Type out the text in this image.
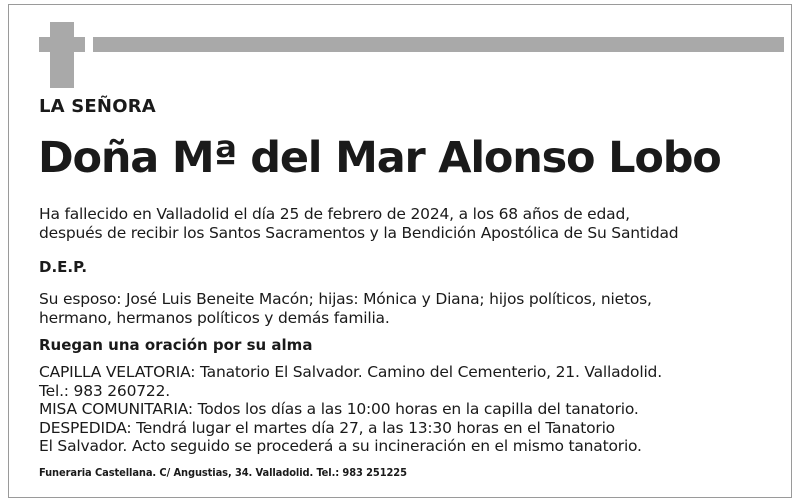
LA SEÑORA
Doña Mª del Mar Alonso Lobo
Ha fallecido en Valladolid el día 25 de febrero de 2024, a los 68 años de edad,
después de recibir los Santos Sacramentos y la Bendición Apostólica de Su Santidad
D.E.P.
Su esposo: José Luis Beneite Macón; hijas: Mónica y Diana; hijos políticos, nietos,
hermano, hermanos políticos y demás familia.
Ruegan una oración por su alma
CAPILLA VELATORIA: Tanatorio El Salvador. Camino del Cementerio, 21. Valladolid.
Tel.: 983 260722.
MISA COMUNITARIA: Todos los días a las 10:00 horas en la capilla del tanatorio.
DESPEDIDA: Tendrá lugar el martes día 27, a las 13:30 horas en el Tanatorio
El Salvador. Acto seguido se procederá a su incineración en el mismo tanatorio.
Funeraria Castellana. C/ Angustias, 34. Valladolid. Tel.: 983 251225
